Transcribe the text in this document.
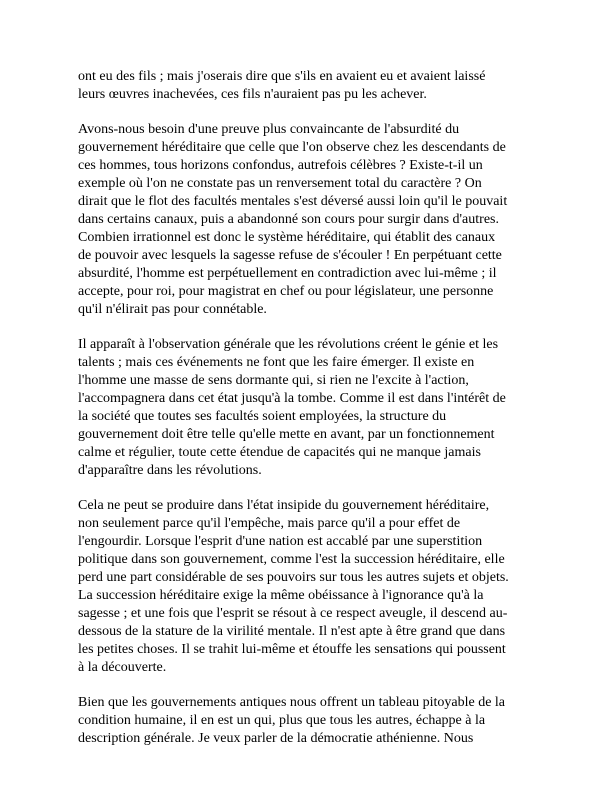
ont eu des fils ; mais j'oserais dire que s'ils en avaient eu et avaient laissé
leurs œuvres inachevées, ces fils n'auraient pas pu les achever.

Avons-nous besoin d'une preuve plus convaincante de l'absurdité du
gouvernement héréditaire que celle que l'on observe chez les descendants de
ces hommes, tous horizons confondus, autrefois célèbres ? Existe-t-il un
exemple où l'on ne constate pas un renversement total du caractère ? On
dirait que le flot des facultés mentales s'est déversé aussi loin qu'il le pouvait
dans certains canaux, puis a abandonné son cours pour surgir dans d'autres.
Combien irrationnel est donc le système héréditaire, qui établit des canaux
de pouvoir avec lesquels la sagesse refuse de s'écouler ! En perpétuant cette
absurdité, l'homme est perpétuellement en contradiction avec lui-même ; il
accepte, pour roi, pour magistrat en chef ou pour législateur, une personne
qu'il n'élirait pas pour connétable.

Il apparaît à l'observation générale que les révolutions créent le génie et les
talents ; mais ces événements ne font que les faire émerger. Il existe en
l'homme une masse de sens dormante qui, si rien ne l'excite à l'action,
l'accompagnera dans cet état jusqu'à la tombe. Comme il est dans l'intérêt de
la société que toutes ses facultés soient employées, la structure du
gouvernement doit être telle qu'elle mette en avant, par un fonctionnement
calme et régulier, toute cette étendue de capacités qui ne manque jamais
d'apparaître dans les révolutions.

Cela ne peut se produire dans l'état insipide du gouvernement héréditaire,
non seulement parce qu'il l'empêche, mais parce qu'il a pour effet de
l'engourdir. Lorsque l'esprit d'une nation est accablé par une superstition
politique dans son gouvernement, comme l'est la succession héréditaire, elle
perd une part considérable de ses pouvoirs sur tous les autres sujets et objets.
La succession héréditaire exige la même obéissance à l'ignorance qu'à la
sagesse ; et une fois que l'esprit se résout à ce respect aveugle, il descend au-
dessous de la stature de la virilité mentale. Il n'est apte à être grand que dans
les petites choses. Il se trahit lui-même et étouffe les sensations qui poussent
à la découverte.

Bien que les gouvernements antiques nous offrent un tableau pitoyable de la
condition humaine, il en est un qui, plus que tous les autres, échappe à la
description générale. Je veux parler de la démocratie athénienne. Nous
